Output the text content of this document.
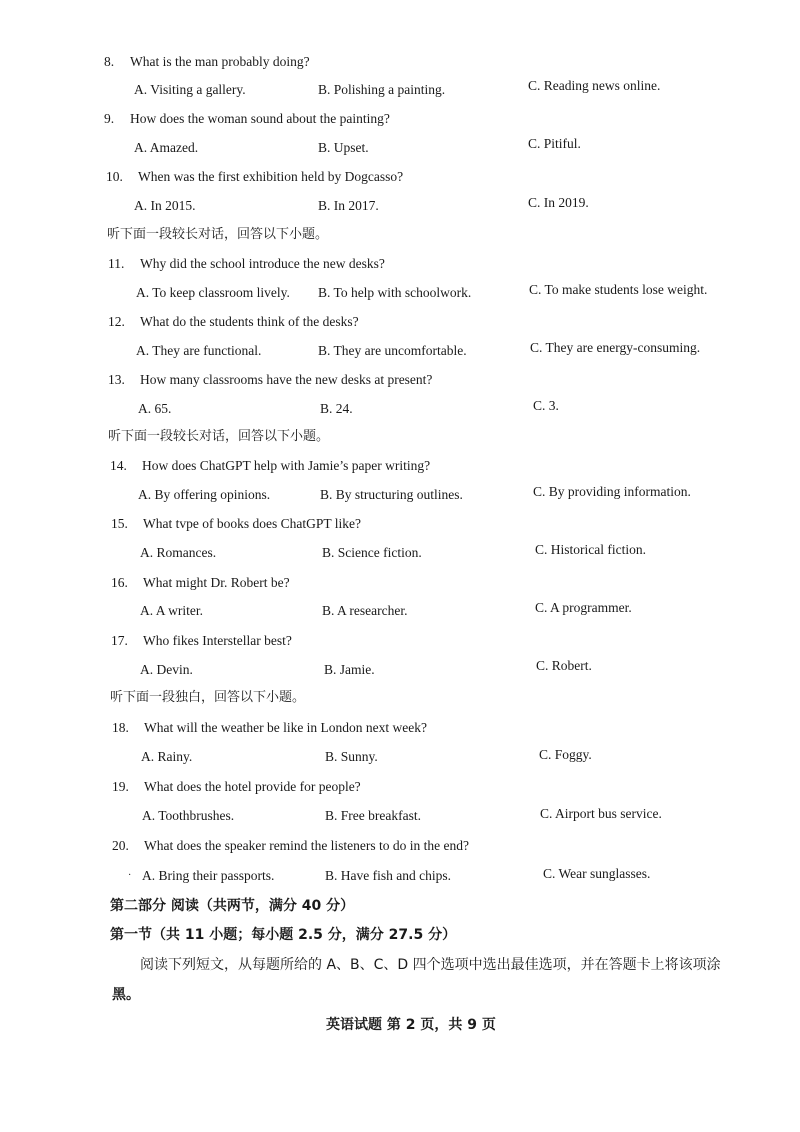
8. What is the man probably doing?
A. Visiting a gallery.	B. Polishing a painting.	C. Reading news online.
9. How does the woman sound about the painting?
A. Amazed.	B. Upset.	C. Pitiful.
10. When was the first exhibition held by Dogcasso?
A. In 2015.	B. In 2017.	C. In 2019.
听下面一段较长对话，回答以下小题。
11. Why did the school introduce the new desks?
A. To keep classroom lively. B. To help with schoolwork.	C. To make students lose weight.
12. What do the students think of the desks?
A. They are functional.	B. They are uncomfortable.	C. They are energy-consuming.
13. How many classrooms have the new desks at present?
A. 65.	B. 24.	C. 3.
听下面一段较长对话，回答以下小题。
14. How does ChatGPT help with Jamie’s paper writing?
A. By offering opinions.	B. By structuring outlines.	C. By providing information.
15. What tvpe of books does ChatGPT like?
A. Romances.	B. Science fiction.	C. Historical fiction.
16. What might Dr. Robert be?
A. A writer.	B. A researcher.	C. A programmer.
17. Who fikes Interstellar best?
A. Devin.	B. Jamie.	C. Robert.
听下面一段独白，回答以下小题。
18. What will the weather be like in London next week?
A. Rainy.	B. Sunny.	C. Foggy.
19. What does the hotel provide for people?
A. Toothbrushes.	B. Free breakfast.	C. Airport bus service.
20. What does the speaker remind the listeners to do in the end?
· A. Bring their passports.	B. Have fish and chips.	C. Wear sunglasses.
第二部分 阅读（共两节，满分 40 分）
第一节（共 11 小题；每小题 2.5 分，满分 27.5 分）
阅读下列短文，从每题所给的 A、B、C、D 四个选项中选出最佳选项，并在答题卡上将该项涂
黑。
英语试题 第 2 页，共 9 页
